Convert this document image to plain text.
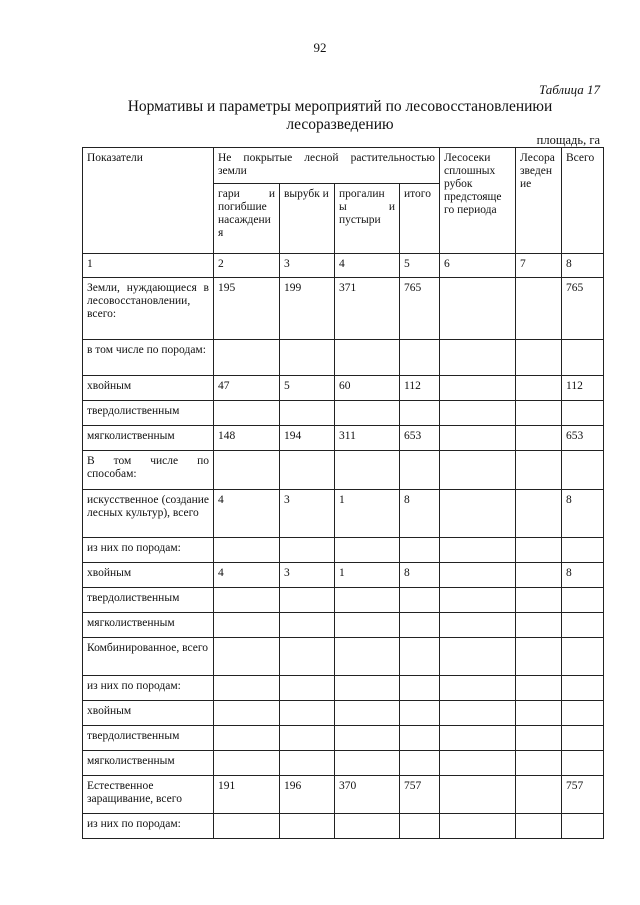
92
Таблица 17
Нормативы и параметры мероприятий по лесовосстановлениюи
лесоразведению
площадь, га
Показатели	Не покрытые лесной растительностью земли				Лесосеки сплошных рубок предстояще го периода	Лесора зведен ие	Всего
	гари и погибшие насаждени я	вырубк и	прогалин ы и пустыри	итого			
1	2	3	4	5	6	7	8
Земли, нуждающиеся в лесовосстановлении, всего:	195	199	371	765			765
в том числе по породам:							
хвойным	47	5	60	112			112
твердолиственным							
мягколиственным	148	194	311	653			653
В том числе по способам:							
искусственное (создание лесных культур), всего	4	3	1	8			8
из них по породам:							
хвойным	4	3	1	8			8
твердолиственным							
мягколиственным							
Комбинированное, всего							
из них по породам:							
хвойным							
твердолиственным							
мягколиственным							
Естественное заращивание, всего	191	196	370	757			757
из них по породам:							
